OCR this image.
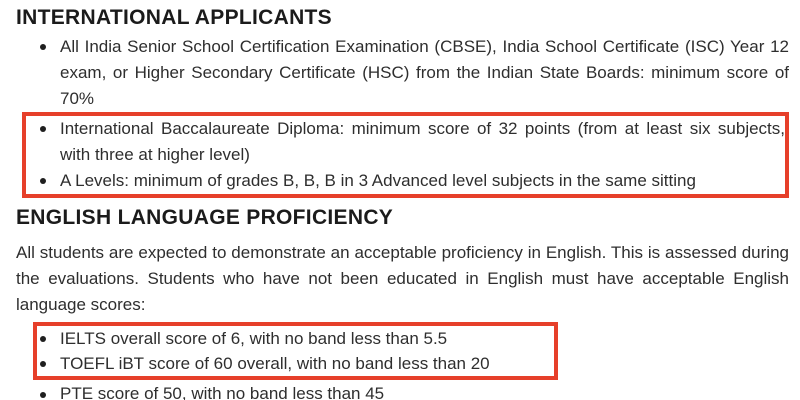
INTERNATIONAL APPLICANTS
All India Senior School Certification Examination (CBSE), India School Certificate (ISC) Year 12 exam, or Higher Secondary Certificate (HSC) from the Indian State Boards: minimum score of 70%
International Baccalaureate Diploma: minimum score of 32 points (from at least six subjects, with three at higher level)
A Levels: minimum of grades B, B, B in 3 Advanced level subjects in the same sitting
ENGLISH LANGUAGE PROFICIENCY
All students are expected to demonstrate an acceptable proficiency in English. This is assessed during the evaluations. Students who have not been educated in English must have acceptable English language scores:
IELTS overall score of 6, with no band less than 5.5
TOEFL iBT score of 60 overall, with no band less than 20
PTE score of 50, with no band less than 45
